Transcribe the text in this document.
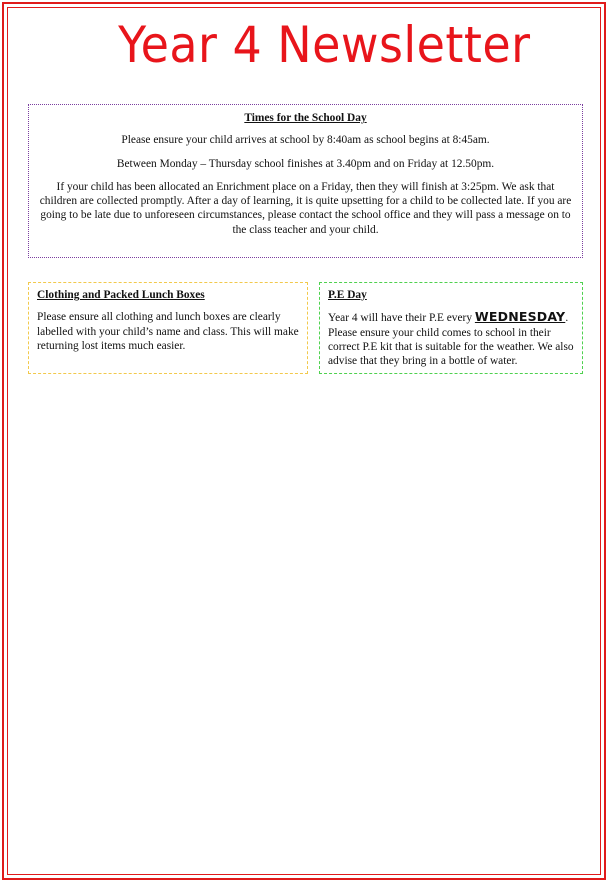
Year 4 Newsletter

Times for the School Day

Please ensure your child arrives at school by 8:40am as school begins at 8:45am.

Between Monday – Thursday school finishes at 3.40pm and on Friday at 12.50pm.

If your child has been allocated an Enrichment place on a Friday, then they will finish at 3:25pm. We ask that children are collected promptly. After a day of learning, it is quite upsetting for a child to be collected late. If you are going to be late due to unforeseen circumstances, please contact the school office and they will pass a message on to the class teacher and your child.

Clothing and Packed Lunch Boxes

Please ensure all clothing and lunch boxes are clearly labelled with your child’s name and class. This will make returning lost items much easier.

P.E Day

Year 4 will have their P.E every WEDNESDAY. Please ensure your child comes to school in their correct P.E kit that is suitable for the weather. We also advise that they bring in a bottle of water.
